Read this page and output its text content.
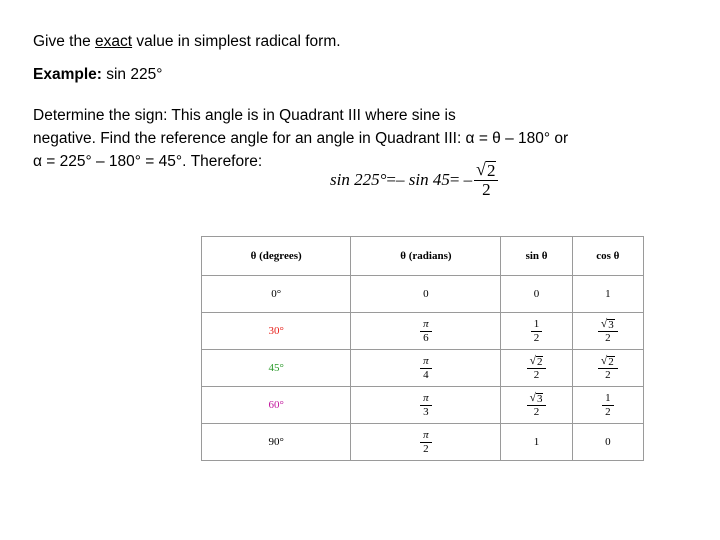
Give the exact value in simplest radical form.
Example: sin 225°
Determine the sign: This angle is in Quadrant III where sine is
negative. Find the reference angle for an angle in Quadrant III: α = θ – 180° or
α = 225° – 180° = 45°. Therefore:
sin 225° = – sin 45 = – $\frac{√ 2}{2}$
θ (degrees)	θ (radians)	sin θ	cos θ
0°	0	0	1
30°	$\frac{\pi}{6}$	$\frac{1}{2}$	$\frac{√ 3}{2}$

45°	$\frac{\pi}{4}$	$\frac{√ 2}{2}$	$\frac{√ 2}{2}$

60°	$\frac{\pi}{3}$	$\frac{√ 3}{2}$	$\frac{1}{2}$

90°	$\frac{\pi}{2}$	1	0
